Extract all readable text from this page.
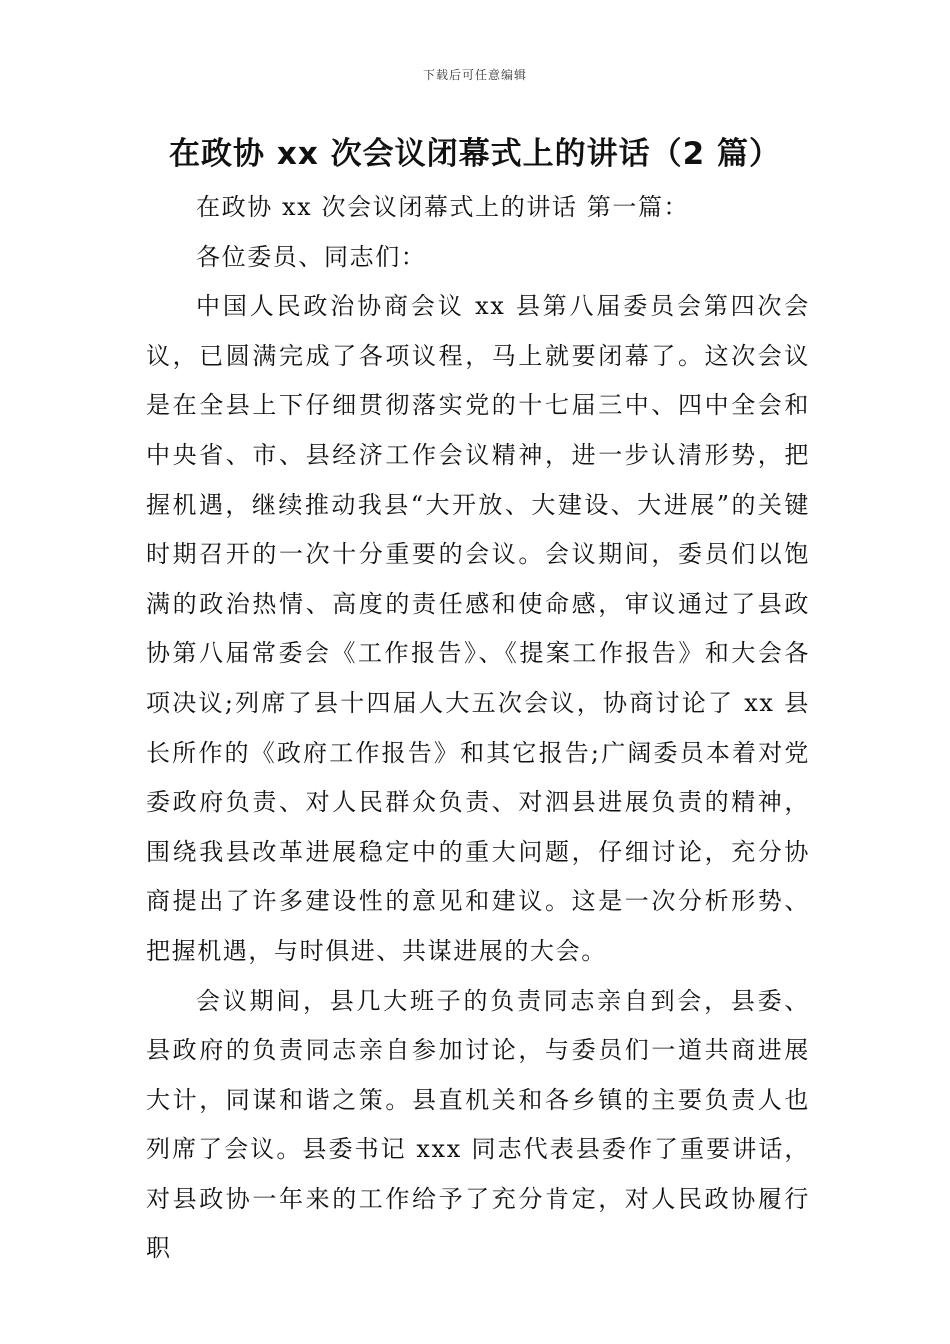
下载后可任意编辑
在政协 xx 次会议闭幕式上的讲话（2 篇）

在政协 xx 次会议闭幕式上的讲话 第一篇：

各位委员、同志们：

中国人民政治协商会议 xx 县第八届委员会第四次会议，已圆满完成了各项议程，马上就要闭幕了。这次会议是在全县上下仔细贯彻落实党的十七届三中、四中全会和中央省、市、县经济工作会议精神，进一步认清形势，把握机遇，继续推动我县“大开放、大建设、大进展”的关键时期召开的一次十分重要的会议。会议期间，委员们以饱满的政治热情、高度的责任感和使命感，审议通过了县政协第八届常委会《工作报告》、《提案工作报告》和大会各项决议;列席了县十四届人大五次会议，协商讨论了 xx 县长所作的《政府工作报告》和其它报告;广阔委员本着对党委政府负责、对人民群众负责、对泗县进展负责的精神，围绕我县改革进展稳定中的重大问题，仔细讨论，充分协商提出了许多建设性的意见和建议。这是一次分析形势、把握机遇，与时俱进、共谋进展的大会。

会议期间，县几大班子的负责同志亲自到会，县委、县政府的负责同志亲自参加讨论，与委员们一道共商进展大计，同谋和谐之策。县直机关和各乡镇的主要负责人也列席了会议。县委书记 xxx 同志代表县委作了重要讲话，对县政协一年来的工作给予了充分肯定，对人民政协履行职
